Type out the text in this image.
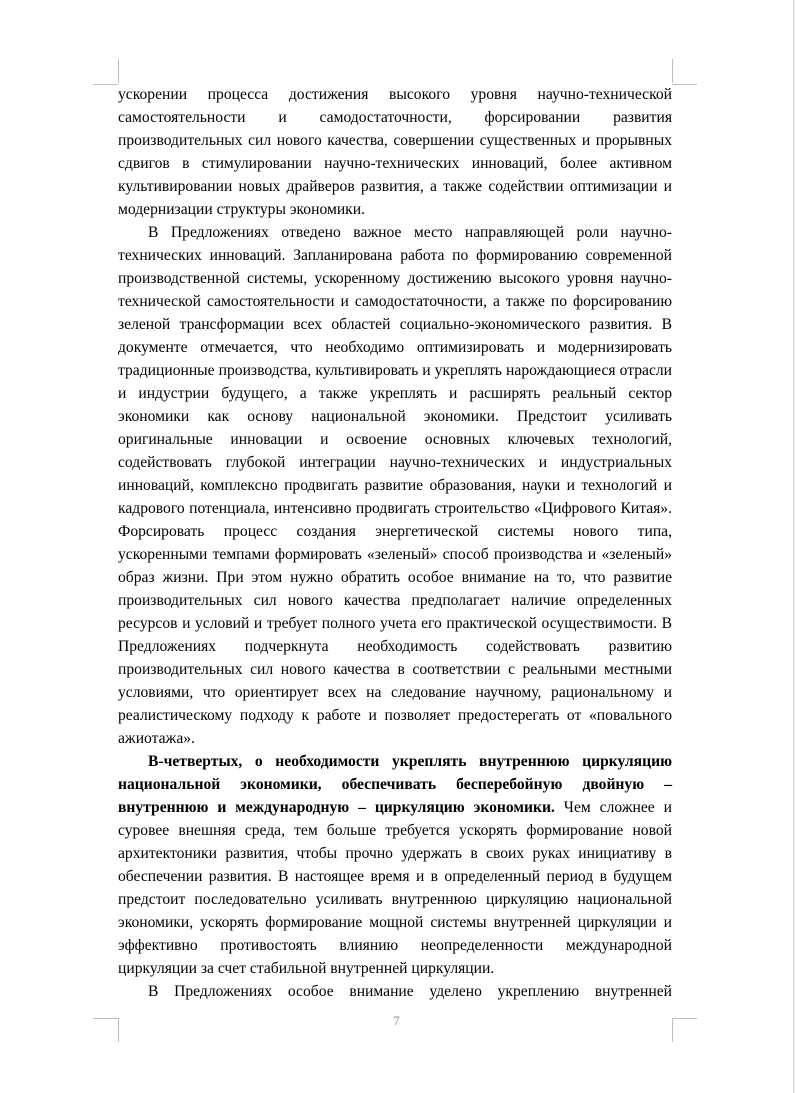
ускорении процесса достижения высокого уровня научно-технической самостоятельности и самодостаточности, форсировании развития производительных сил нового качества, совершении существенных и прорывных сдвигов в стимулировании научно-технических инноваций, более активном культивировании новых драйверов развития, а также содействии оптимизации и модернизации структуры экономики.

В Предложениях отведено важное место направляющей роли научно-технических инноваций. Запланирована работа по формированию современной производственной системы, ускоренному достижению высокого уровня научно-технической самостоятельности и самодостаточности, а также по форсированию зеленой трансформации всех областей социально-экономического развития. В документе отмечается, что необходимо оптимизировать и модернизировать традиционные производства, культивировать и укреплять нарождающиеся отрасли и индустрии будущего, а также укреплять и расширять реальный сектор экономики как основу национальной экономики. Предстоит усиливать оригинальные инновации и освоение основных ключевых технологий, содействовать глубокой интеграции научно-технических и индустриальных инноваций, комплексно продвигать развитие образования, науки и технологий и кадрового потенциала, интенсивно продвигать строительство «Цифрового Китая». Форсировать процесс создания энергетической системы нового типа, ускоренными темпами формировать «зеленый» способ производства и «зеленый» образ жизни. При этом нужно обратить особое внимание на то, что развитие производительных сил нового качества предполагает наличие определенных ресурсов и условий и требует полного учета его практической осуществимости. В Предложениях подчеркнута необходимость содействовать развитию производительных сил нового качества в соответствии с реальными местными условиями, что ориентирует всех на следование научному, рациональному и реалистическому подходу к работе и позволяет предостерегать от «повального ажиотажа».

В-четвертых, о необходимости укреплять внутреннюю циркуляцию национальной экономики, обеспечивать бесперебойную двойную – внутреннюю и международную – циркуляцию экономики. Чем сложнее и суровее внешняя среда, тем больше требуется ускорять формирование новой архитектоники развития, чтобы прочно удержать в своих руках инициативу в обеспечении развития. В настоящее время и в определенный период в будущем предстоит последовательно усиливать внутреннюю циркуляцию национальной экономики, ускорять формирование мощной системы внутренней циркуляции и эффективно противостоять влиянию неопределенности международной циркуляции за счет стабильной внутренней циркуляции.

В Предложениях особое внимание уделено укреплению внутренней

7
